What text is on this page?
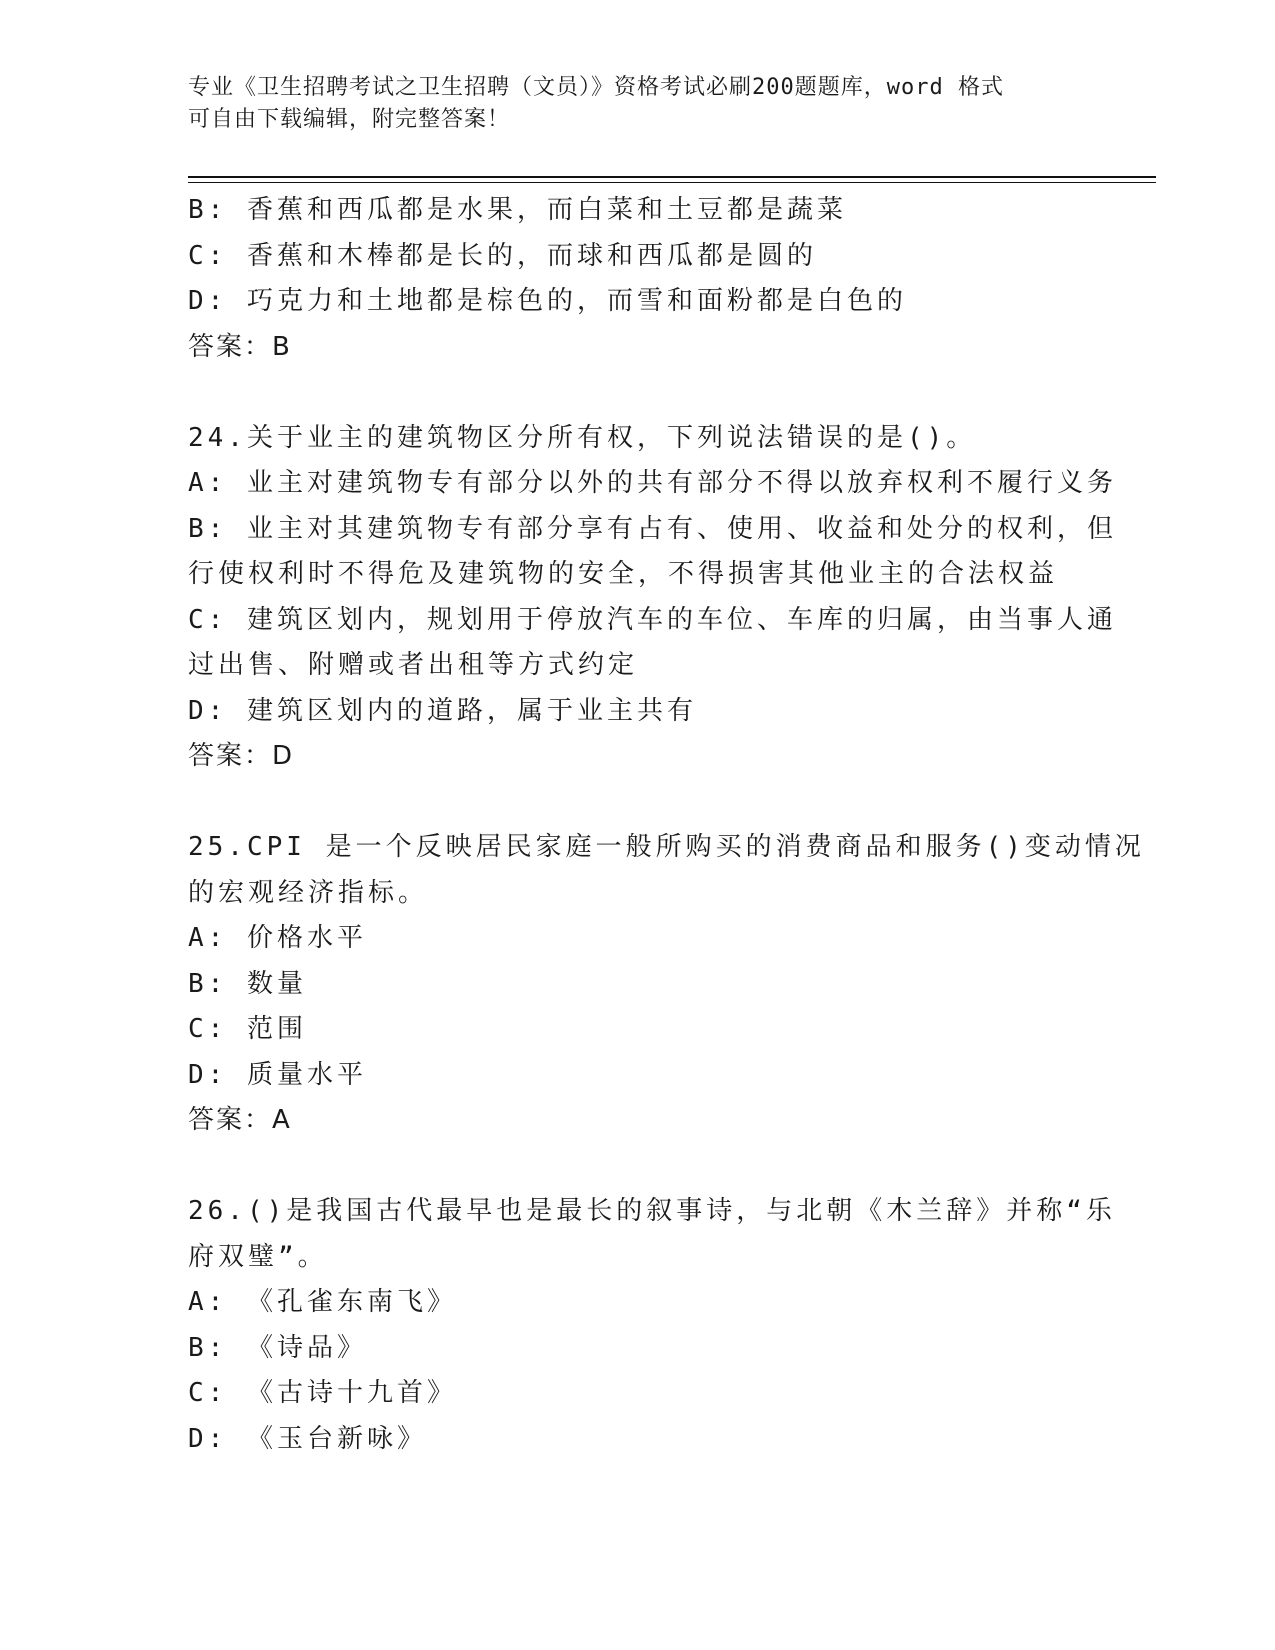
专业《卫生招聘考试之卫生招聘（文员）》资格考试必刷200题题库，word 格式
可自由下载编辑，附完整答案！
B: 香蕉和西瓜都是水果，而白菜和土豆都是蔬菜
C: 香蕉和木棒都是长的，而球和西瓜都是圆的
D: 巧克力和土地都是棕色的，而雪和面粉都是白色的
答案：B
24.关于业主的建筑物区分所有权，下列说法错误的是()。
A: 业主对建筑物专有部分以外的共有部分不得以放弃权利不履行义务
B: 业主对其建筑物专有部分享有占有、使用、收益和处分的权利，但
行使权利时不得危及建筑物的安全，不得损害其他业主的合法权益
C: 建筑区划内，规划用于停放汽车的车位、车库的归属，由当事人通
过出售、附赠或者出租等方式约定
D: 建筑区划内的道路，属于业主共有
答案：D
25.CPI 是一个反映居民家庭一般所购买的消费商品和服务()变动情况
的宏观经济指标。
A: 价格水平
B: 数量
C: 范围
D: 质量水平
答案：A
26.()是我国古代最早也是最长的叙事诗，与北朝《木兰辞》并称“乐
府双璧”。
A: 《孔雀东南飞》
B: 《诗品》
C: 《古诗十九首》
D: 《玉台新咏》
